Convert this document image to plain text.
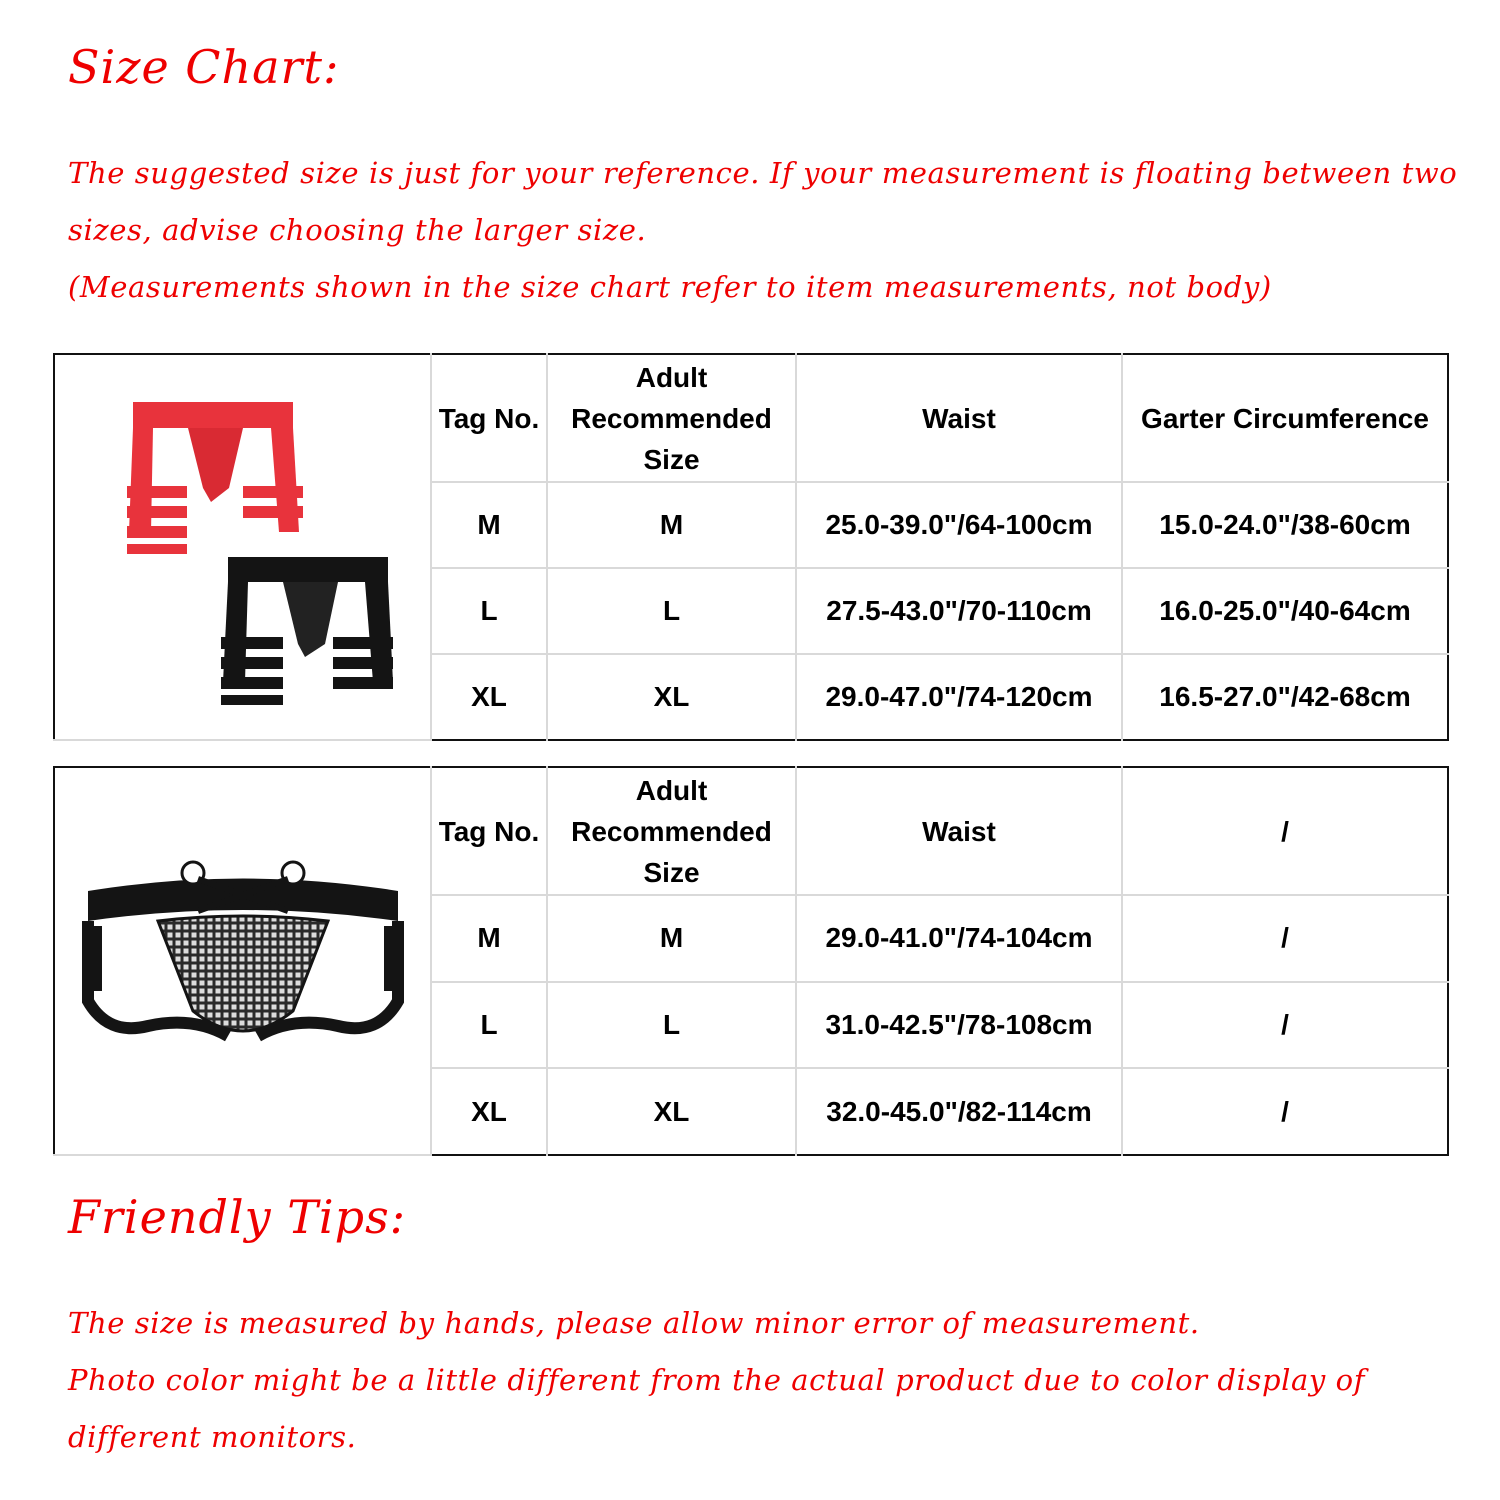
Size Chart:
The suggested size is just for your reference. If your measurement is floating between two
sizes, advise choosing the larger size.
(Measurements shown in the size chart refer to item measurements, not body)
	Tag No.	Adult Recommended Size	Waist	Garter Circumference
	M	M	25.0-39.0"/64-100cm	15.0-24.0"/38-60cm
	L	L	27.5-43.0"/70-110cm	16.0-25.0"/40-64cm
	XL	XL	29.0-47.0"/74-120cm	16.5-27.0"/42-68cm
	Tag No.	Adult Recommended Size	Waist	/
	M	M	29.0-41.0"/74-104cm	/
	L	L	31.0-42.5"/78-108cm	/
	XL	XL	32.0-45.0"/82-114cm	/
Friendly Tips:
The size is measured by hands, please allow minor error of measurement.
Photo color might be a little different from the actual product due to color display of
different monitors.
